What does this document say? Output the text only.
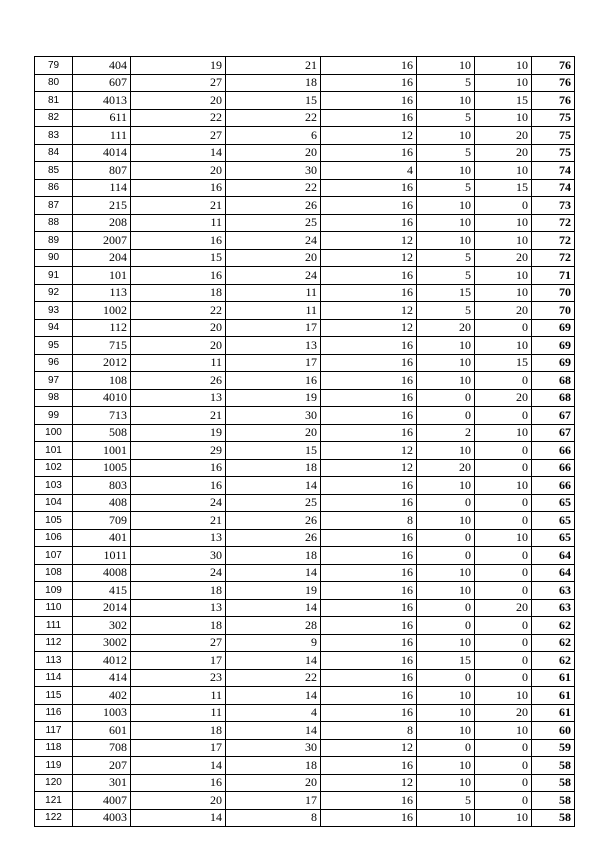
79	404	19	21	16	10	10	76
80	607	27	18	16	5	10	76
81	4013	20	15	16	10	15	76
82	611	22	22	16	5	10	75
83	111	27	6	12	10	20	75
84	4014	14	20	16	5	20	75
85	807	20	30	4	10	10	74
86	114	16	22	16	5	15	74
87	215	21	26	16	10	0	73
88	208	11	25	16	10	10	72
89	2007	16	24	12	10	10	72
90	204	15	20	12	5	20	72
91	101	16	24	16	5	10	71
92	113	18	11	16	15	10	70
93	1002	22	11	12	5	20	70
94	112	20	17	12	20	0	69
95	715	20	13	16	10	10	69
96	2012	11	17	16	10	15	69
97	108	26	16	16	10	0	68
98	4010	13	19	16	0	20	68
99	713	21	30	16	0	0	67
100	508	19	20	16	2	10	67
101	1001	29	15	12	10	0	66
102	1005	16	18	12	20	0	66
103	803	16	14	16	10	10	66
104	408	24	25	16	0	0	65
105	709	21	26	8	10	0	65
106	401	13	26	16	0	10	65
107	1011	30	18	16	0	0	64
108	4008	24	14	16	10	0	64
109	415	18	19	16	10	0	63
110	2014	13	14	16	0	20	63
111	302	18	28	16	0	0	62
112	3002	27	9	16	10	0	62
113	4012	17	14	16	15	0	62
114	414	23	22	16	0	0	61
115	402	11	14	16	10	10	61
116	1003	11	4	16	10	20	61
117	601	18	14	8	10	10	60
118	708	17	30	12	0	0	59
119	207	14	18	16	10	0	58
120	301	16	20	12	10	0	58
121	4007	20	17	16	5	0	58
122	4003	14	8	16	10	10	58
